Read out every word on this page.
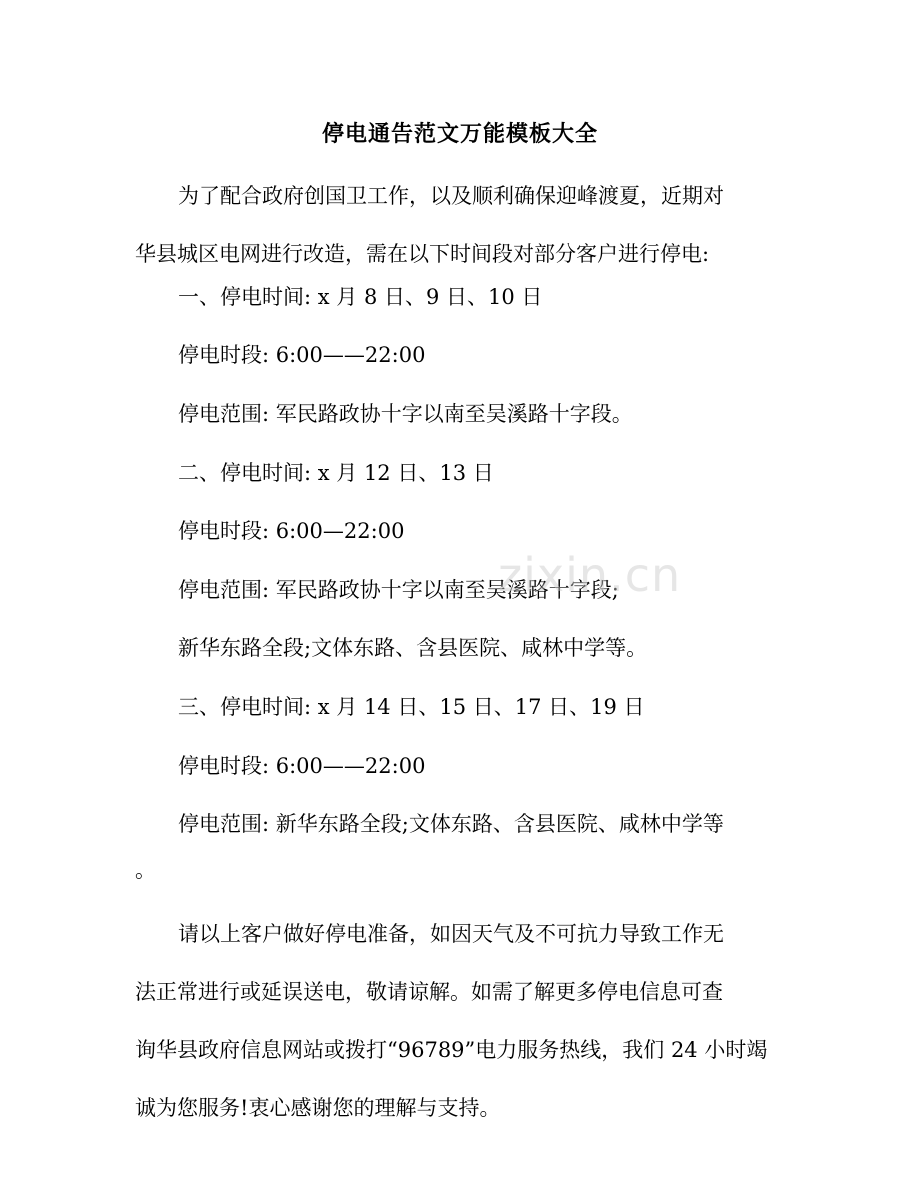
停电通告范文万能模板大全
为了配合政府创国卫工作，以及顺利确保迎峰渡夏，近期对
华县城区电网进行改造，需在以下时间段对部分客户进行停电:
一、停电时间: x 月 8 日、9 日、10 日
停电时段: 6:00——22:00
停电范围: 军民路政协十字以南至吴溪路十字段。
二、停电时间: x 月 12 日、13 日
停电时段: 6:00—22:00
停电范围: 军民路政协十字以南至吴溪路十字段;
新华东路全段;文体东路、含县医院、咸林中学等。
三、停电时间: x 月 14 日、15 日、17 日、19 日
停电时段: 6:00——22:00
停电范围: 新华东路全段;文体东路、含县医院、咸林中学等
。
请以上客户做好停电准备，如因天气及不可抗力导致工作无
法正常进行或延误送电，敬请谅解。如需了解更多停电信息可查
询华县政府信息网站或拨打“96789”电力服务热线，我们 24 小时竭
诚为您服务!衷心感谢您的理解与支持。
zixin.cn
